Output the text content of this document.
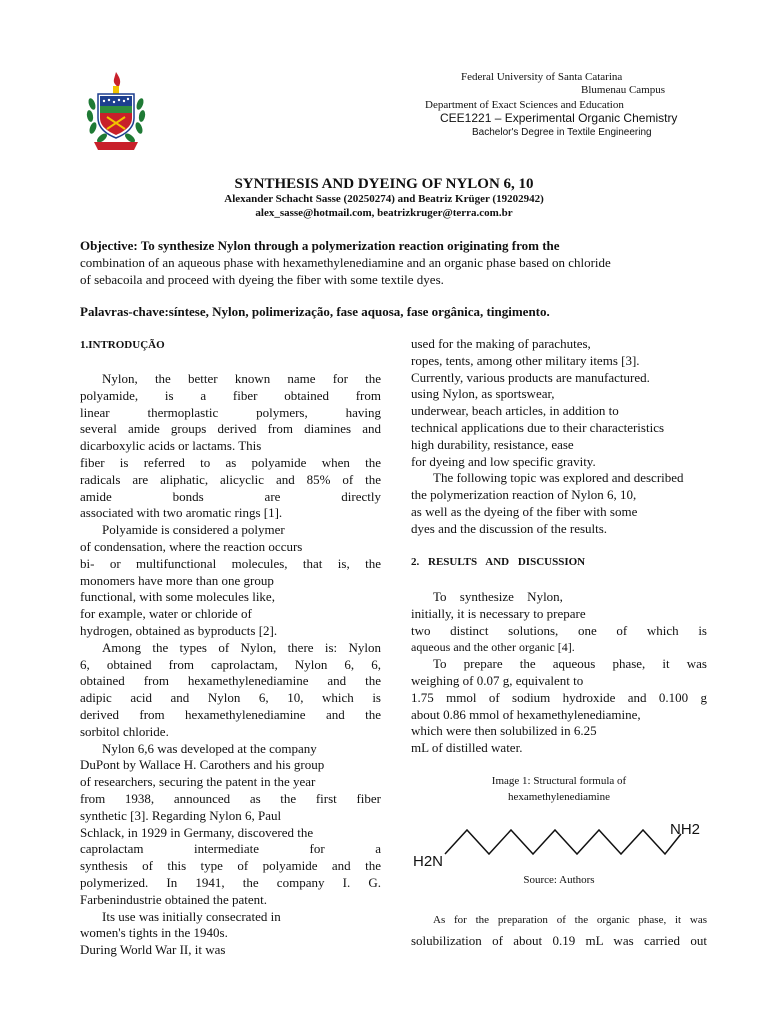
Federal University of Santa Catarina
Blumenau Campus
Department of Exact Sciences and Education
CEE1221 – Experimental Organic Chemistry
Bachelor's Degree in Textile Engineering
SYNTHESIS AND DYEING OF NYLON 6, 10
Alexander Schacht Sasse (20250274) and Beatriz Krüger (19202942)
alex_sasse@hotmail.com, beatrizkruger@terra.com.br
Objective: To synthesize Nylon through a polymerization reaction originating from the
combination of an aqueous phase with hexamethylenediamine and an organic phase based on chloride
of sebacoila and proceed with dyeing the fiber with some textile dyes.
Palavras-chave:síntese, Nylon, polimerização, fase aquosa, fase orgânica, tingimento.
1.INTRODUÇÃO
Nylon, the better known name for the
polyamide, is a fiber obtained from
linear thermoplastic polymers, having
several amide groups derived from diamines and
dicarboxylic acids or lactams. This
fiber is referred to as polyamide when the
radicals are aliphatic, alicyclic and 85% of the
amide bonds are directly
associated with two aromatic rings [1].
Polyamide is considered a polymer
of condensation, where the reaction occurs
bi- or multifunctional molecules, that is, the
monomers have more than one group
functional, with some molecules like,
for example, water or chloride of
hydrogen, obtained as byproducts [2].
Among the types of Nylon, there is: Nylon
6, obtained from caprolactam, Nylon 6, 6,
obtained from hexamethylenediamine and the
adipic acid and Nylon 6, 10, which is
derived from hexamethylenediamine and the
sorbitol chloride.
Nylon 6,6 was developed at the company
DuPont by Wallace H. Carothers and his group
of researchers, securing the patent in the year
from 1938, announced as the first fiber
synthetic [3]. Regarding Nylon 6, Paul
Schlack, in 1929 in Germany, discovered the
caprolactam intermediate for a
synthesis of this type of polyamide and the
polymerized. In 1941, the company I. G.
Farbenindustrie obtained the patent.
Its use was initially consecrated in
women's tights in the 1940s.
During World War II, it was
used for the making of parachutes,
ropes, tents, among other military items [3].
Currently, various products are manufactured.
using Nylon, as sportswear,
underwear, beach articles, in addition to
technical applications due to their characteristics
high durability, resistance, ease
for dyeing and low specific gravity.
The following topic was explored and described
the polymerization reaction of Nylon 6, 10,
as well as the dyeing of the fiber with some
dyes and the discussion of the results.
2. RESULTS AND DISCUSSION
To synthesize Nylon,
initially, it is necessary to prepare
two distinct solutions, one of which is
aqueous and the other organic [4].
To prepare the aqueous phase, it was
weighing of 0.07 g, equivalent to
1.75 mmol of sodium hydroxide and 0.100 g
about 0.86 mmol of hexamethylenediamine,
which were then solubilized in 6.25
mL of distilled water.
Image 1: Structural formula of
hexamethylenediamine
H2N
NH2
Source: Authors
As for the preparation of the organic phase, it was
solubilization of about 0.19 mL was carried out
